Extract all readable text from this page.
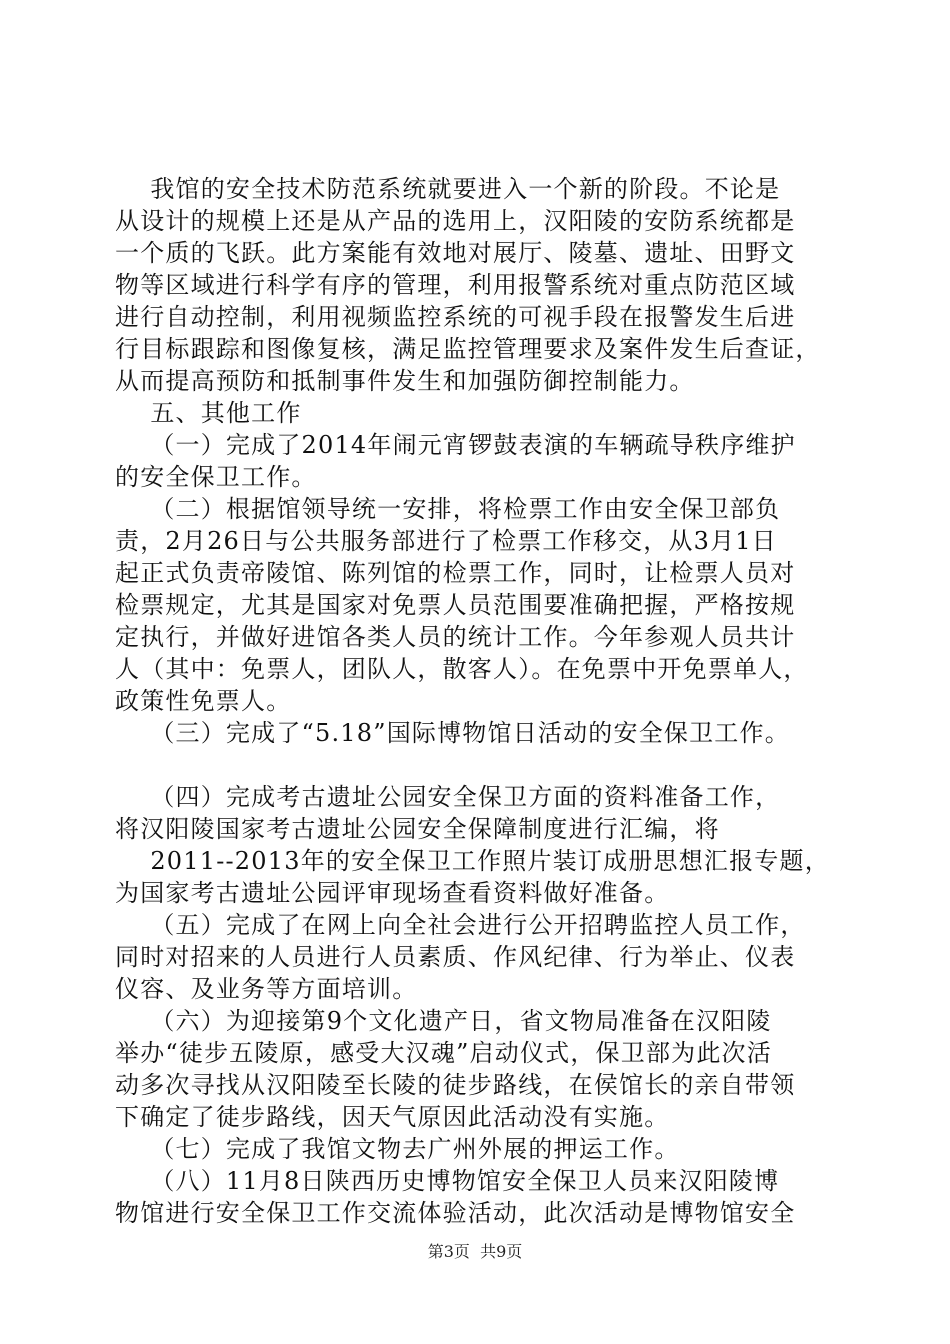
我馆的安全技术防范系统就要进入一个新的阶段。不论是
从设计的规模上还是从产品的选用上，汉阳陵的安防系统都是
一个质的飞跃。此方案能有效地对展厅、陵墓、遗址、田野文
物等区域进行科学有序的管理，利用报警系统对重点防范区域
进行自动控制，利用视频监控系统的可视手段在报警发生后进
行目标跟踪和图像复核，满足监控管理要求及案件发生后查证，
从而提高预防和抵制事件发生和加强防御控制能力。
五、其他工作
（一）完成了2014年闹元宵锣鼓表演的车辆疏导秩序维护
的安全保卫工作。
（二）根据馆领导统一安排，将检票工作由安全保卫部负
责，2月26日与公共服务部进行了检票工作移交，从3月1日
起正式负责帝陵馆、陈列馆的检票工作，同时，让检票人员对
检票规定，尤其是国家对免票人员范围要准确把握，严格按规
定执行，并做好进馆各类人员的统计工作。今年参观人员共计
人（其中：免票人，团队人，散客人）。在免票中开免票单人，
政策性免票人。
（三）完成了“5.18”国际博物馆日活动的安全保卫工作。
（四）完成考古遗址公园安全保卫方面的资料准备工作，
将汉阳陵国家考古遗址公园安全保障制度进行汇编，将
2011--2013年的安全保卫工作照片装订成册思想汇报专题，
为国家考古遗址公园评审现场查看资料做好准备。
（五）完成了在网上向全社会进行公开招聘监控人员工作，
同时对招来的人员进行人员素质、作风纪律、行为举止、仪表
仪容、及业务等方面培训。
（六）为迎接第9个文化遗产日，省文物局准备在汉阳陵
举办“徒步五陵原，感受大汉魂”启动仪式，保卫部为此次活
动多次寻找从汉阳陵至长陵的徒步路线，在侯馆长的亲自带领
下确定了徒步路线，因天气原因此活动没有实施。
（七）完成了我馆文物去广州外展的押运工作。
（八）11月8日陕西历史博物馆安全保卫人员来汉阳陵博
物馆进行安全保卫工作交流体验活动，此次活动是博物馆安全
第3页  共9页
